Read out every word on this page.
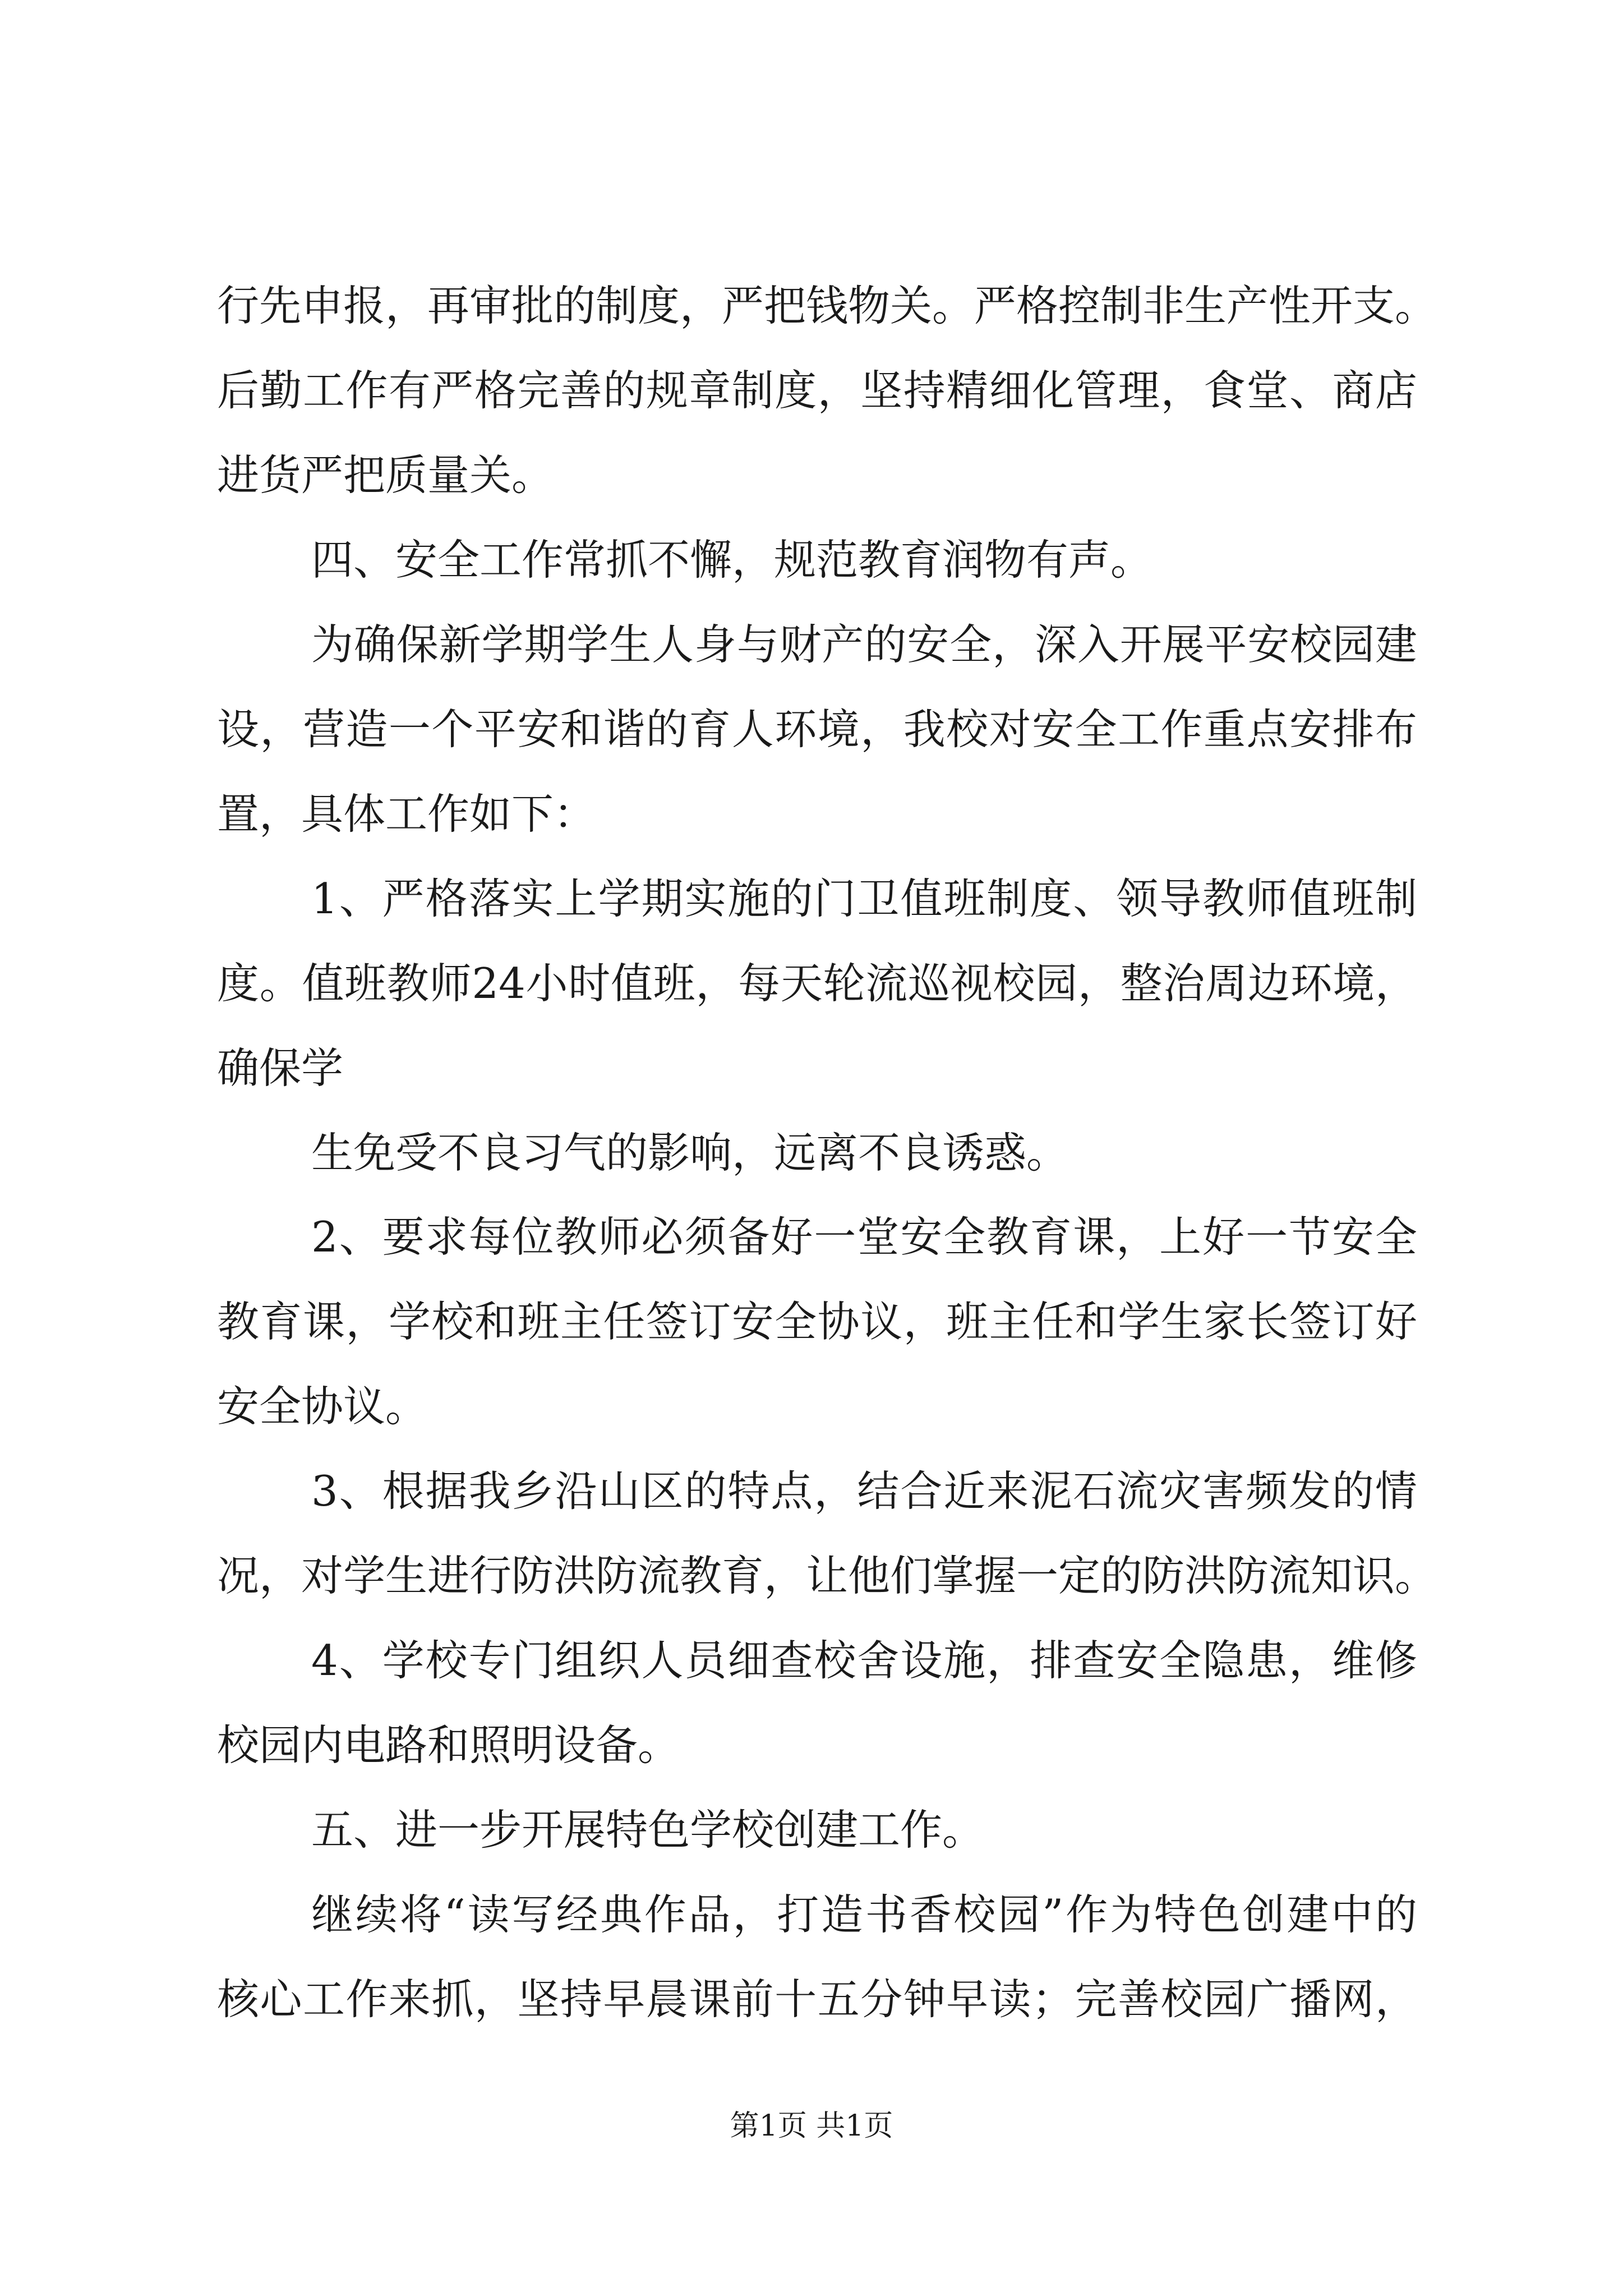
行先申报，再审批的制度，严把钱物关。严格控制非生产性开支。
后勤工作有严格完善的规章制度，坚持精细化管理，食堂、商店
进货严把质量关。
四、安全工作常抓不懈，规范教育润物有声。
为确保新学期学生人身与财产的安全，深入开展平安校园建
设，营造一个平安和谐的育人环境，我校对安全工作重点安排布
置，具体工作如下：
1、严格落实上学期实施的门卫值班制度、领导教师值班制
度。值班教师24小时值班，每天轮流巡视校园，整治周边环境，
确保学
生免受不良习气的影响，远离不良诱惑。
2、要求每位教师必须备好一堂安全教育课，上好一节安全
教育课，学校和班主任签订安全协议，班主任和学生家长签订好
安全协议。
3、根据我乡沿山区的特点，结合近来泥石流灾害频发的情
况，对学生进行防洪防流教育，让他们掌握一定的防洪防流知识。
4、学校专门组织人员细查校舍设施，排查安全隐患，维修
校园内电路和照明设备。
五、进一步开展特色学校创建工作。
继续将“读写经典作品，打造书香校园”作为特色创建中的
核心工作来抓，坚持早晨课前十五分钟早读；完善校园广播网，
第1页 共1页
